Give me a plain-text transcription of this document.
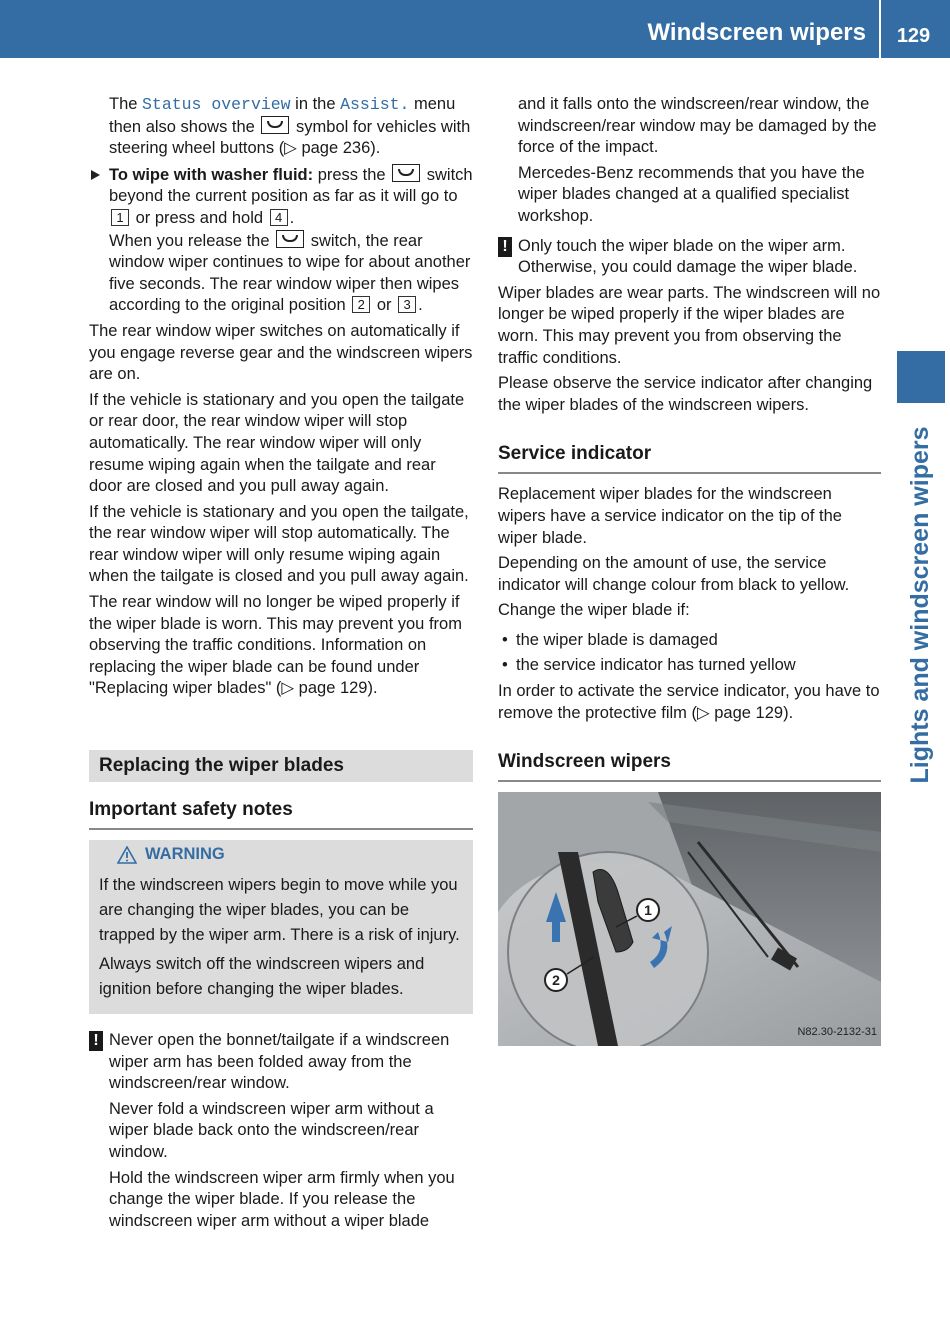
Windscreen wipers	129
Lights and windscreen wipers

The Status overview in the Assist. menu then also shows the  symbol for vehicles with steering wheel buttons (▷ page 236).

To wipe with washer fluid: press the  switch beyond the current position as far as it will go to 1 or press and hold 4 .
When you release the  switch, the rear window wiper continues to wipe for about another five seconds. The rear window wiper then wipes according to the original position 2 or 3 .

The rear window wiper switches on automatically if you engage reverse gear and the windscreen wipers are on.

If the vehicle is stationary and you open the tailgate or rear door, the rear window wiper will stop automatically. The rear window wiper will only resume wiping again when the tailgate and rear door are closed and you pull away again.

If the vehicle is stationary and you open the tailgate, the rear window wiper will stop automatically. The rear window wiper will only resume wiping again when the tailgate is closed and you pull away again.

The rear window will no longer be wiped properly if the wiper blade is worn. This may prevent you from observing the traffic conditions. Information on replacing the wiper blade can be found under "Replacing wiper blades" (▷ page 129).

Replacing the wiper blades
Important safety notes
WARNING

If the windscreen wipers begin to move while you are changing the wiper blades, you can be trapped by the wiper arm. There is a risk of injury.

Always switch off the windscreen wipers and ignition before changing the wiper blades.

! Never open the bonnet/tailgate if a windscreen wiper arm has been folded away from the windscreen/rear window.

Never fold a windscreen wiper arm without a wiper blade back onto the windscreen/rear window.

Hold the windscreen wiper arm firmly when you change the wiper blade. If you release the windscreen wiper arm without a wiper blade

and it falls onto the windscreen/rear window, the windscreen/rear window may be damaged by the force of the impact.

Mercedes-Benz recommends that you have the wiper blades changed at a qualified specialist workshop.

! Only touch the wiper blade on the wiper arm. Otherwise, you could damage the wiper blade.

Wiper blades are wear parts. The windscreen will no longer be wiped properly if the wiper blades are worn. This may prevent you from observing the traffic conditions.

Please observe the service indicator after changing the wiper blades of the windscreen wipers.

Service indicator

Replacement wiper blades for the windscreen wipers have a service indicator on the tip of the wiper blade.

Depending on the amount of use, the service indicator will change colour from black to yellow.

Change the wiper blade if:

• the wiper blade is damaged

• the service indicator has turned yellow

In order to activate the service indicator, you have to remove the protective film (▷ page 129).

Windscreen wipers
1
2
N82.30-2132-31
